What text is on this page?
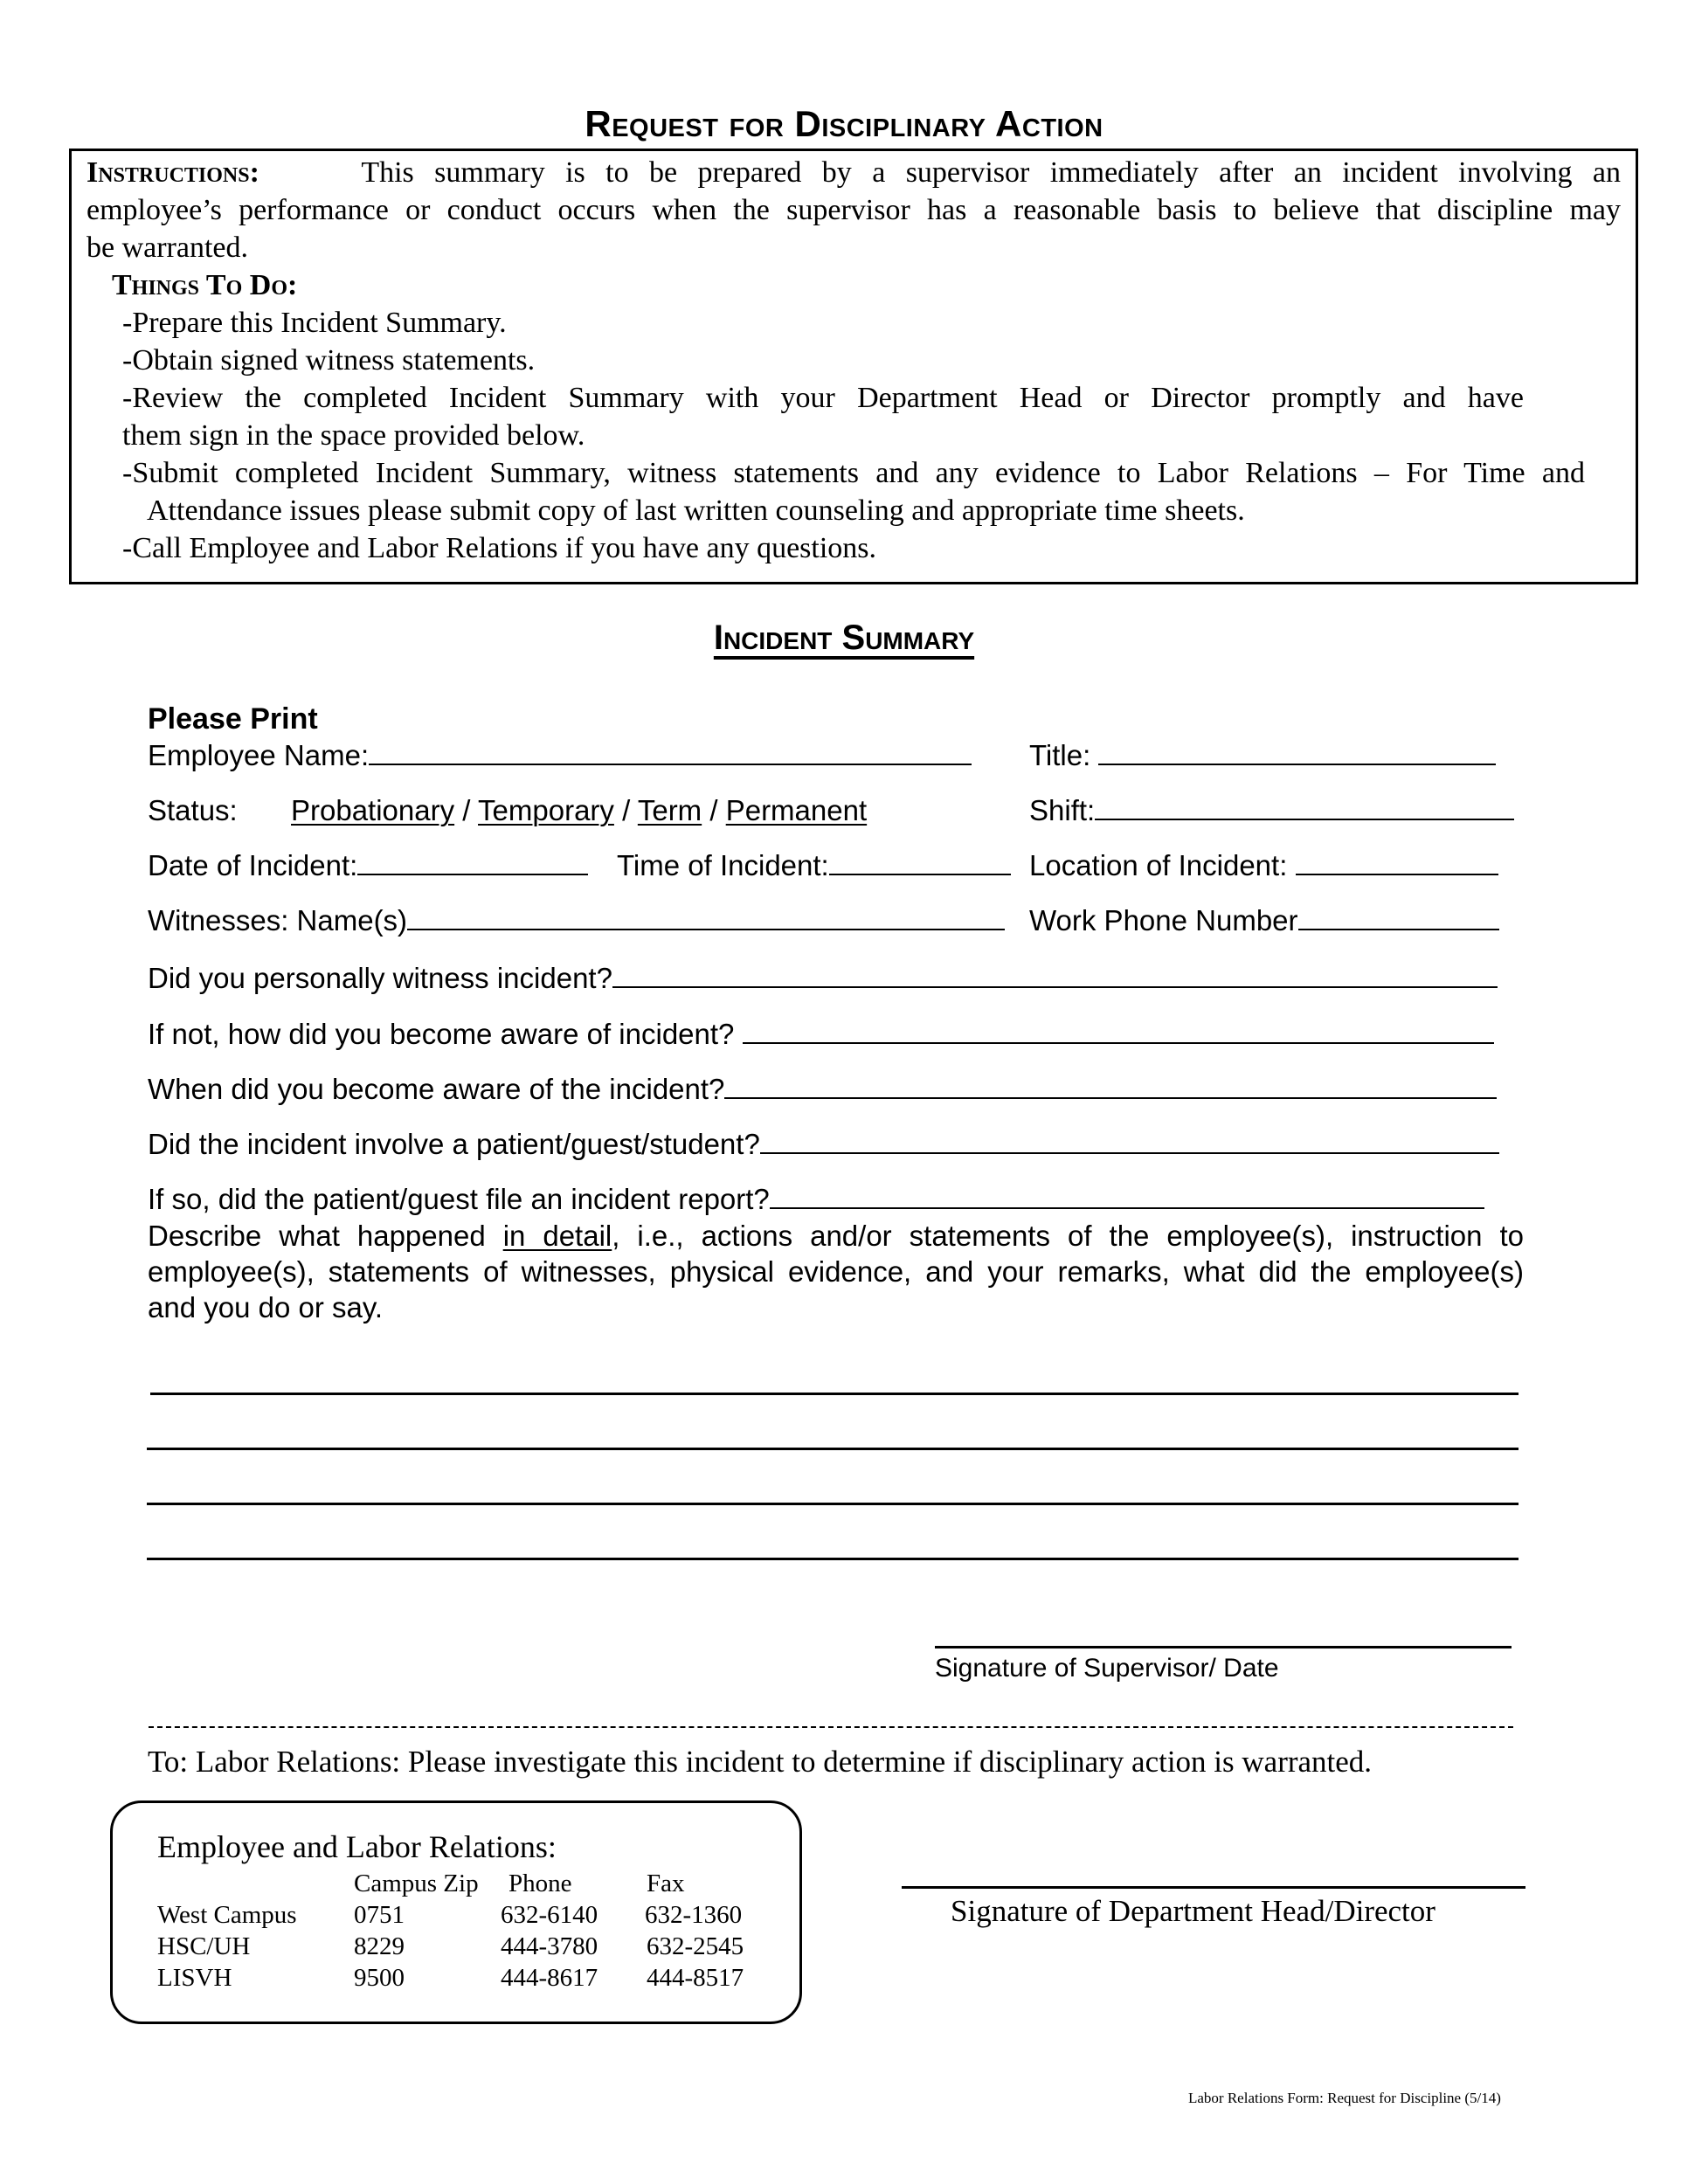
Request for Disciplinary Action
Instructions:	This summary is to be prepared by a supervisor immediately after an incident involving an
employee’s performance or conduct occurs when the supervisor has a reasonable basis to believe that discipline may
be warranted.
Things To Do:
-Prepare this Incident Summary.
-Obtain signed witness statements.
-Review the completed Incident Summary with your Department Head or Director promptly and have
them sign in the space provided below.
-Submit completed Incident Summary, witness statements and any evidence to Labor Relations – For Time and
Attendance issues please submit copy of last written counseling and appropriate time sheets.
-Call Employee and Labor Relations if you have any questions.
Incident Summary
Please Print
Employee Name:	Title:
Status: Probationary / Temporary / Term / Permanent	Shift:
Date of Incident:	Time of Incident:	Location of Incident:
Witnesses: Name(s)	Work Phone Number
Did you personally witness incident?
If not, how did you become aware of incident?
When did you become aware of the incident?
Did the incident involve a patient/guest/student?
If so, did the patient/guest file an incident report?
Describe what happened in detail, i.e., actions and/or statements of the employee(s), instruction to
employee(s), statements of witnesses, physical evidence, and your remarks, what did the employee(s)
and you do or say.
Signature of Supervisor/ Date
To: Labor Relations: Please investigate this incident to determine if disciplinary action is warranted.
Employee and Labor Relations:
Campus Zip Phone	Fax
West Campus 0751	632-6140 632-1360
HSC/UH	8229	444-3780 632-2545
LISVH	9500	444-8617 444-8517
Signature of Department Head/Director
Labor Relations Form: Request for Discipline (5/14)
